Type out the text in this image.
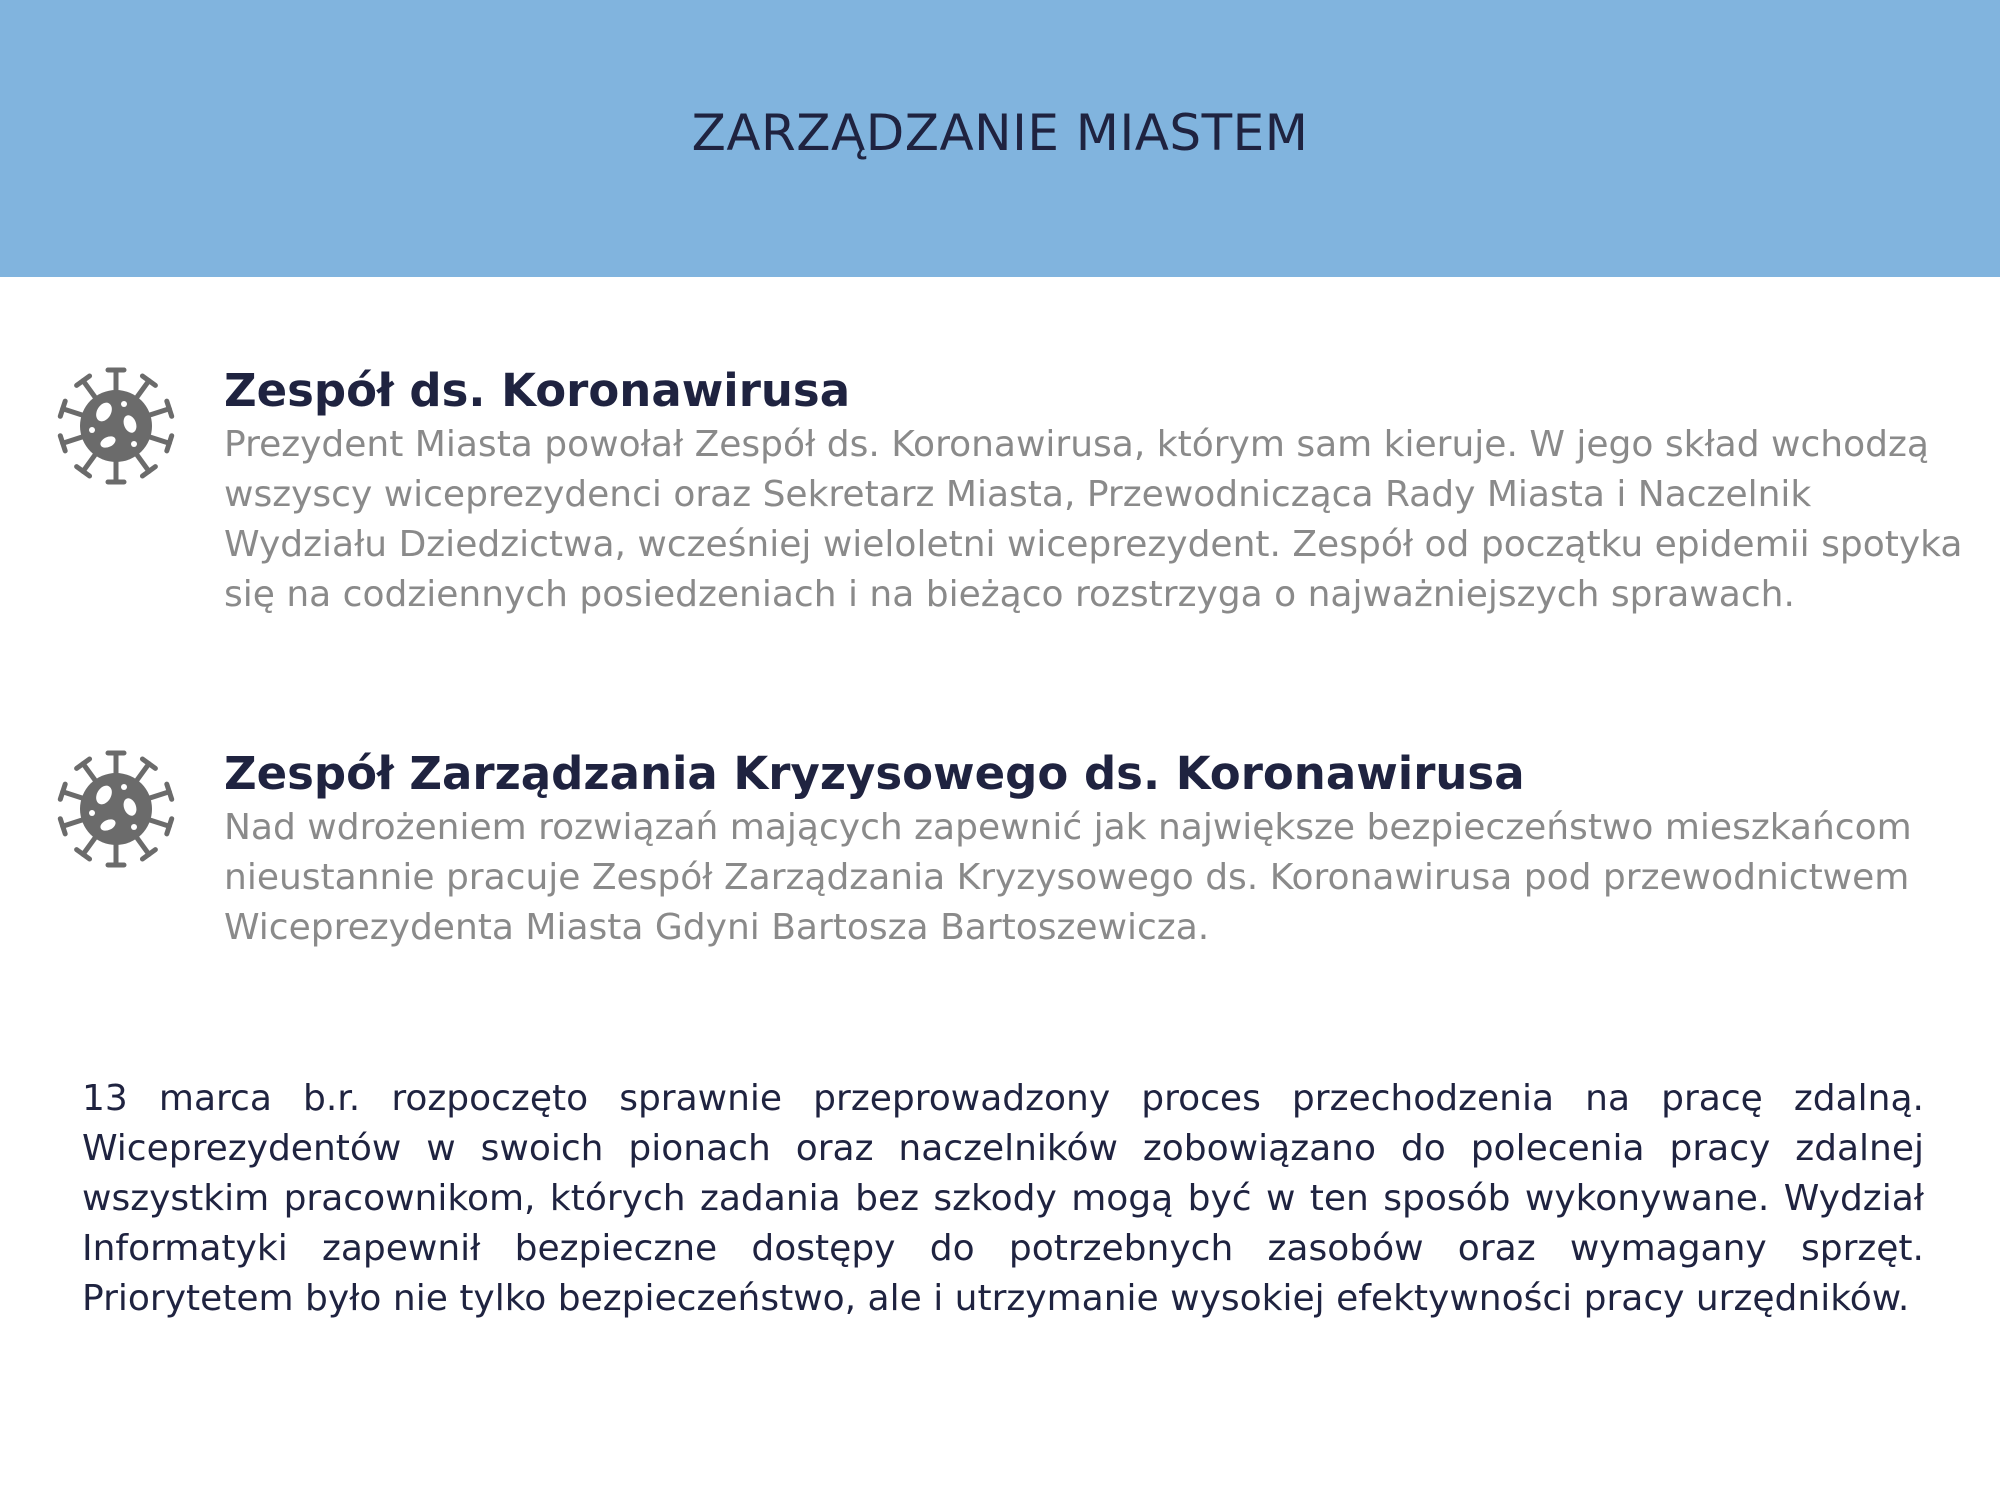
ZARZĄDZANIE MIASTEM
Zespół ds. Koronawirusa

Prezydent Miasta powołał Zespół ds. Koronawirusa, którym sam kieruje. W jego skład wchodzą wszyscy wiceprezydenci oraz Sekretarz Miasta, Przewodnicząca Rady Miasta i Naczelnik Wydziału Dziedzictwa, wcześniej wieloletni wiceprezydent. Zespół od początku epidemii spotyka się na codziennych posiedzeniach i na bieżąco rozstrzyga o najważniejszych sprawach.

Zespół Zarządzania Kryzysowego ds. Koronawirusa

Nad wdrożeniem rozwiązań mających zapewnić jak największe bezpieczeństwo mieszkańcom nieustannie pracuje Zespół Zarządzania Kryzysowego ds. Koronawirusa pod przewodnictwem Wiceprezydenta Miasta Gdyni Bartosza Bartoszewicza.

13 marca b.r. rozpoczęto sprawnie przeprowadzony proces przechodzenia na pracę zdalną. Wiceprezydentów w swoich pionach oraz naczelników zobowiązano do polecenia pracy zdalnej wszystkim pracownikom, których zadania bez szkody mogą być w ten sposób wykonywane. Wydział Informatyki zapewnił bezpieczne dostępy do potrzebnych zasobów oraz wymagany sprzęt. Priorytetem było nie tylko bezpieczeństwo, ale i utrzymanie wysokiej efektywności pracy urzędników.
